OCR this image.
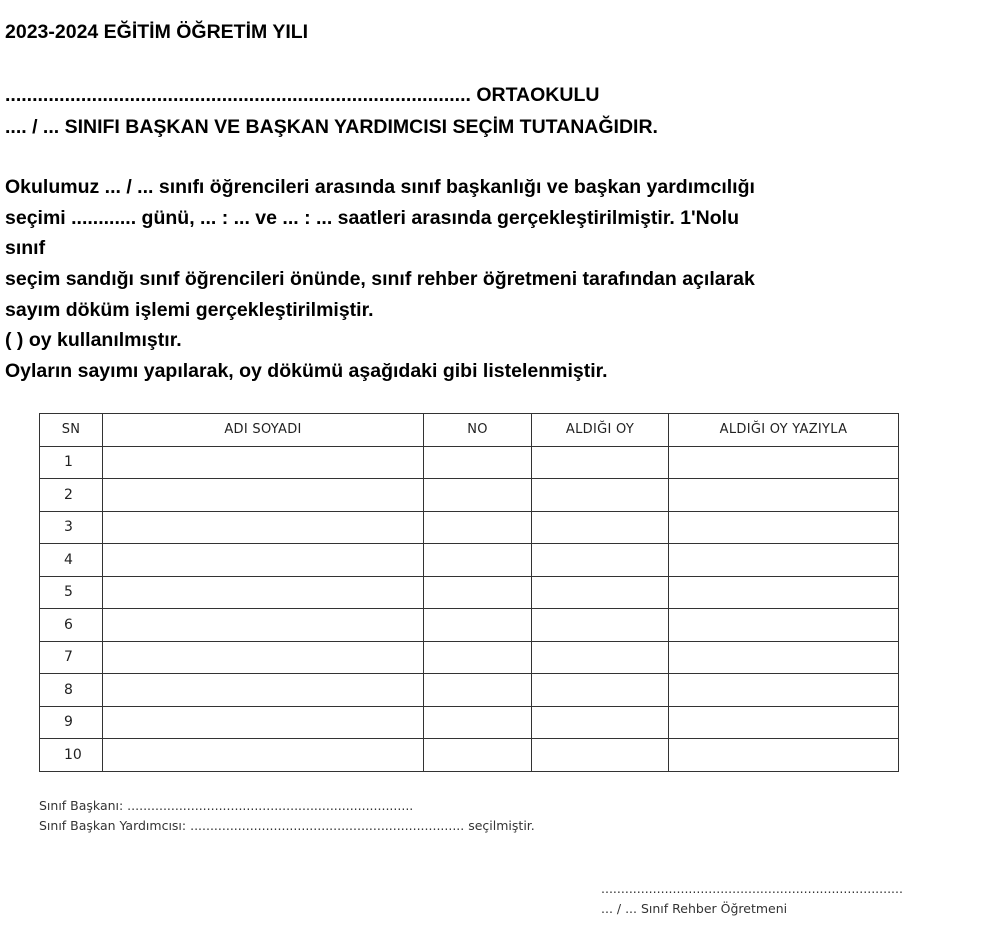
2023-2024 EĞİTİM ÖĞRETİM YILI
...................................................................................... ORTAOKULU
.... / ... SINIFI BAŞKAN VE BAŞKAN YARDIMCISI SEÇİM TUTANAĞIDIR.
Okulumuz ... / ... sınıfı öğrencileri arasında sınıf başkanlığı ve başkan yardımcılığı
seçimi ............ günü, ... : ... ve ... : ... saatleri arasında gerçekleştirilmiştir. 1'Nolu
sınıf
seçim sandığı sınıf öğrencileri önünde, sınıf rehber öğretmeni tarafından açılarak
sayım döküm işlemi gerçekleştirilmiştir.
( ) oy kullanılmıştır.
Oyların sayımı yapılarak, oy dökümü aşağıdaki gibi listelenmiştir.
SN	ADI SOYADI	NO	ALDIĞI OY	ALDIĞI OY YAZIYLA
1				
2				
3				
4				
5				
6				
7				
8				
9				
10				
Sınıf Başkanı: ........................................................................
Sınıf Başkan Yardımcısı: ..................................................................... seçilmiştir.
............................................................................
... / ... Sınıf Rehber Öğretmeni
